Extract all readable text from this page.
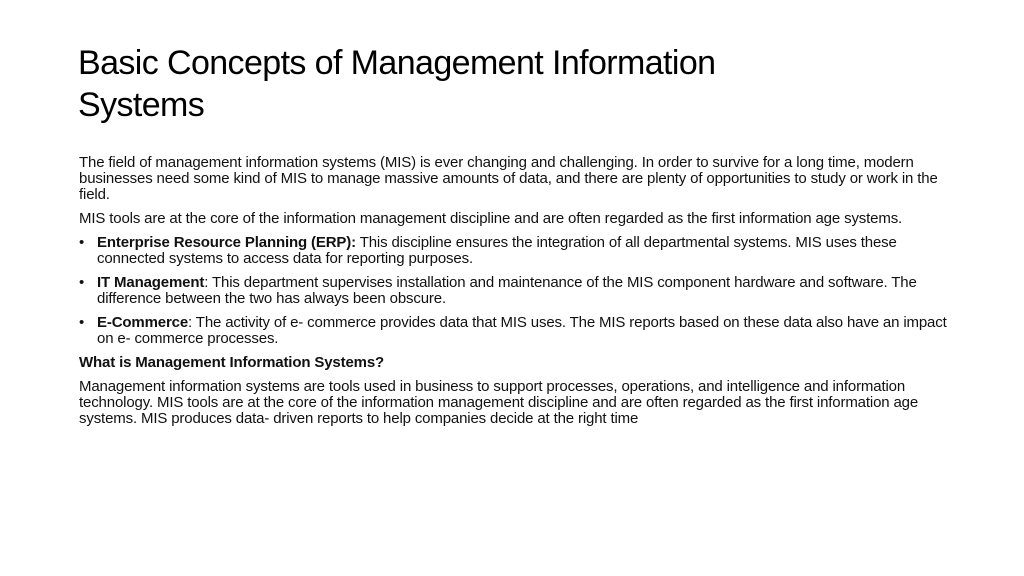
Basic Concepts of Management Information
Systems

The field of management information systems (MIS) is ever changing and challenging. In order to survive for a long time, modern businesses need some kind of MIS to manage massive amounts of data, and there are plenty of opportunities to study or work in the field.

MIS tools are at the core of the information management discipline and are often regarded as the first information age systems.

• Enterprise Resource Planning (ERP): This discipline ensures the integration of all departmental systems. MIS uses these connected systems to access data for reporting purposes.
• IT Management: This department supervises installation and maintenance of the MIS component hardware and software. The difference between the two has always been obscure.
• E-Commerce: The activity of e- commerce provides data that MIS uses. The MIS reports based on these data also have an impact on e- commerce processes.

What is Management Information Systems?

Management information systems are tools used in business to support processes, operations, and intelligence and information technology. MIS tools are at the core of the information management discipline and are often regarded as the first information age systems. MIS produces data- driven reports to help companies decide at the right time
